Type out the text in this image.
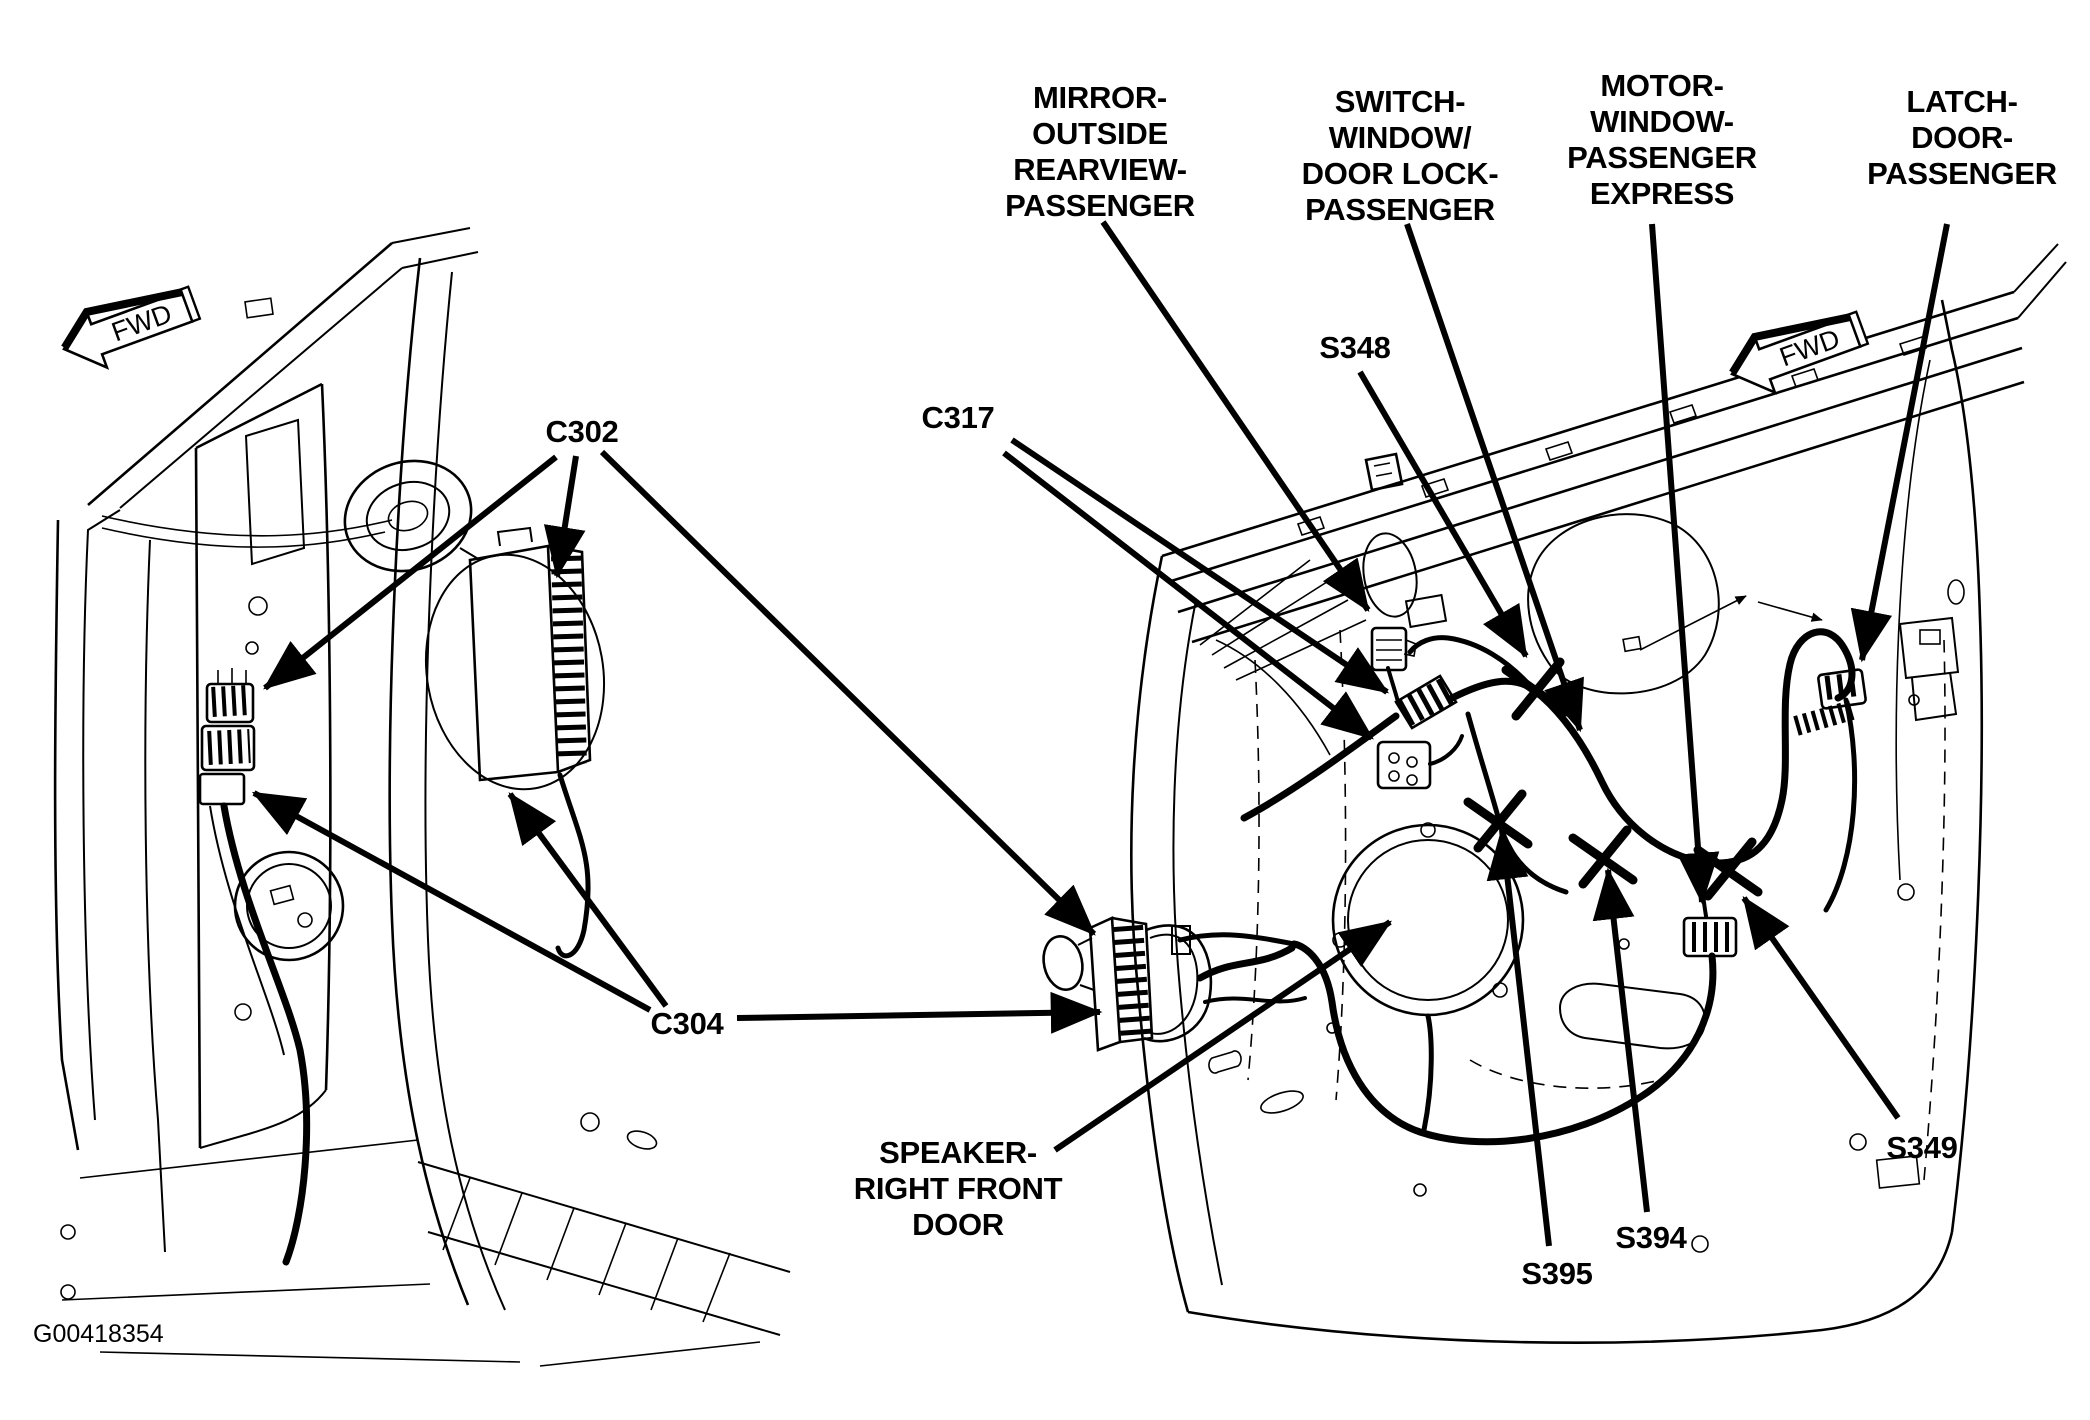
FWD
FWD
MIRROR-
OUTSIDE
REARVIEW-
PASSENGER
SWITCH-
WINDOW/
DOOR LOCK-
PASSENGER
MOTOR-
WINDOW-
PASSENGER
EXPRESS
LATCH-
DOOR-
PASSENGER
SPEAKER-
RIGHT FRONT
DOOR
S348
C317
C302
C304
S395
S394
S349
G00418354
